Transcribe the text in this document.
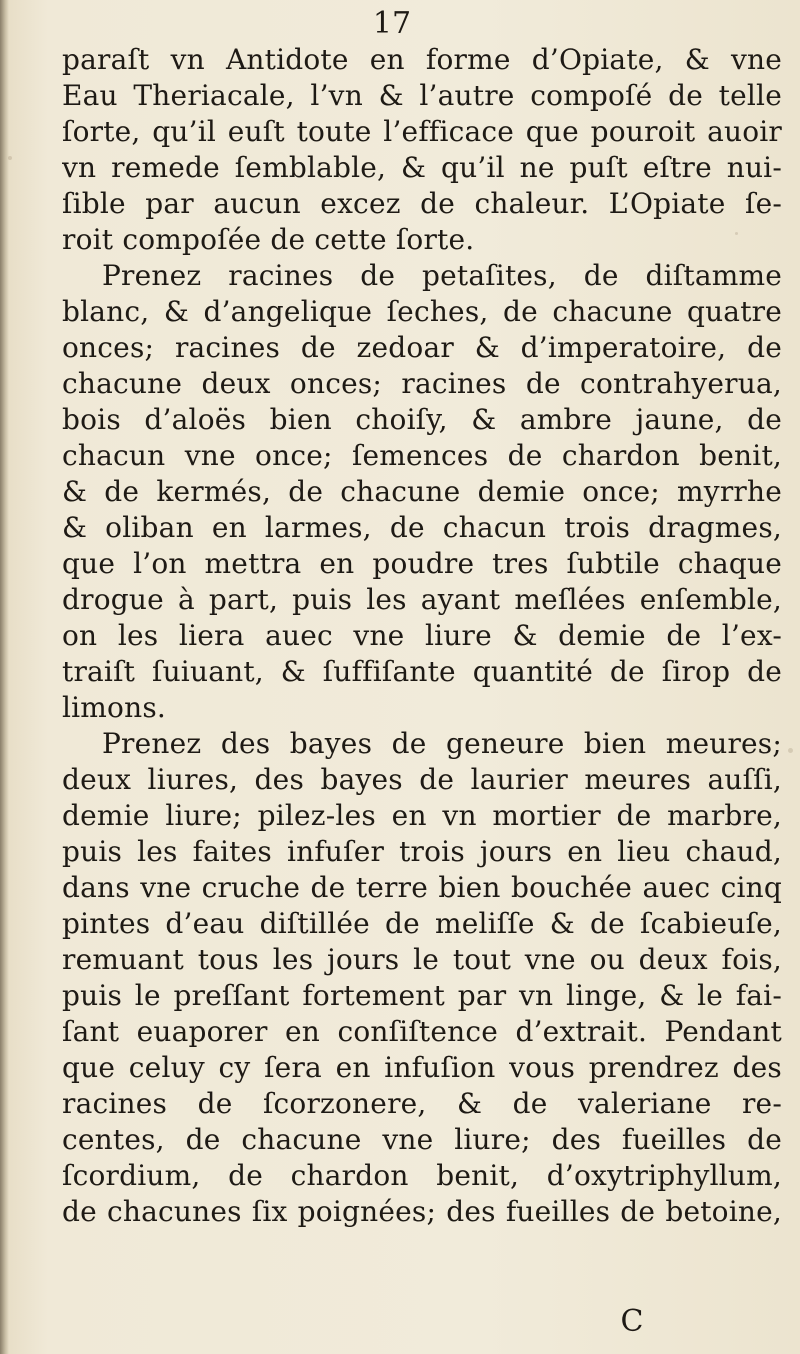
17
paraſt vn Antidote en forme d’Opiate, & vne
Eau Theriacale, l’vn & l’autre compoſé de telle
ſorte, qu’il euſt toute l’efficace que pouroit auoir
vn remede ſemblable, & qu’il ne puſt eſtre nui-
ſible par aucun excez de chaleur. L’Opiate ſe-
roit compoſée de cette ſorte.
Prenez racines de petaſites, de diſtamme
blanc, & d’angelique ſeches, de chacune quatre
onces; racines de zedoar & d’imperatoire, de
chacune deux onces; racines de contrahyerua,
bois d’aloës bien choiſy, & ambre jaune, de
chacun vne once; ſemences de chardon benit,
& de kermés, de chacune demie once; myrrhe
& oliban en larmes, de chacun trois dragmes,
que l’on mettra en poudre tres ſubtile chaque
drogue à part, puis les ayant meſlées enſemble,
on les liera auec vne liure & demie de l’ex-
traiſt ſuiuant, & ſuffiſante quantité de ſirop de
limons.
Prenez des bayes de geneure bien meures;
deux liures, des bayes de laurier meures auſſi,
demie liure; pilez-les en vn mortier de marbre,
puis les faites infuſer trois jours en lieu chaud,
dans vne cruche de terre bien bouchée auec cinq
pintes d’eau diſtillée de meliſſe & de ſcabieuſe,
remuant tous les jours le tout vne ou deux fois,
puis le preſſant fortement par vn linge, & le fai-
ſant euaporer en conſiſtence d’extrait. Pendant
que celuy cy ſera en infuſion vous prendrez des
racines de ſcorzonere, & de valeriane re-
centes, de chacune vne liure; des fueilles de
ſcordium, de chardon benit, d’oxytriphyllum,
de chacunes ſix poignées; des fueilles de betoine,
C
